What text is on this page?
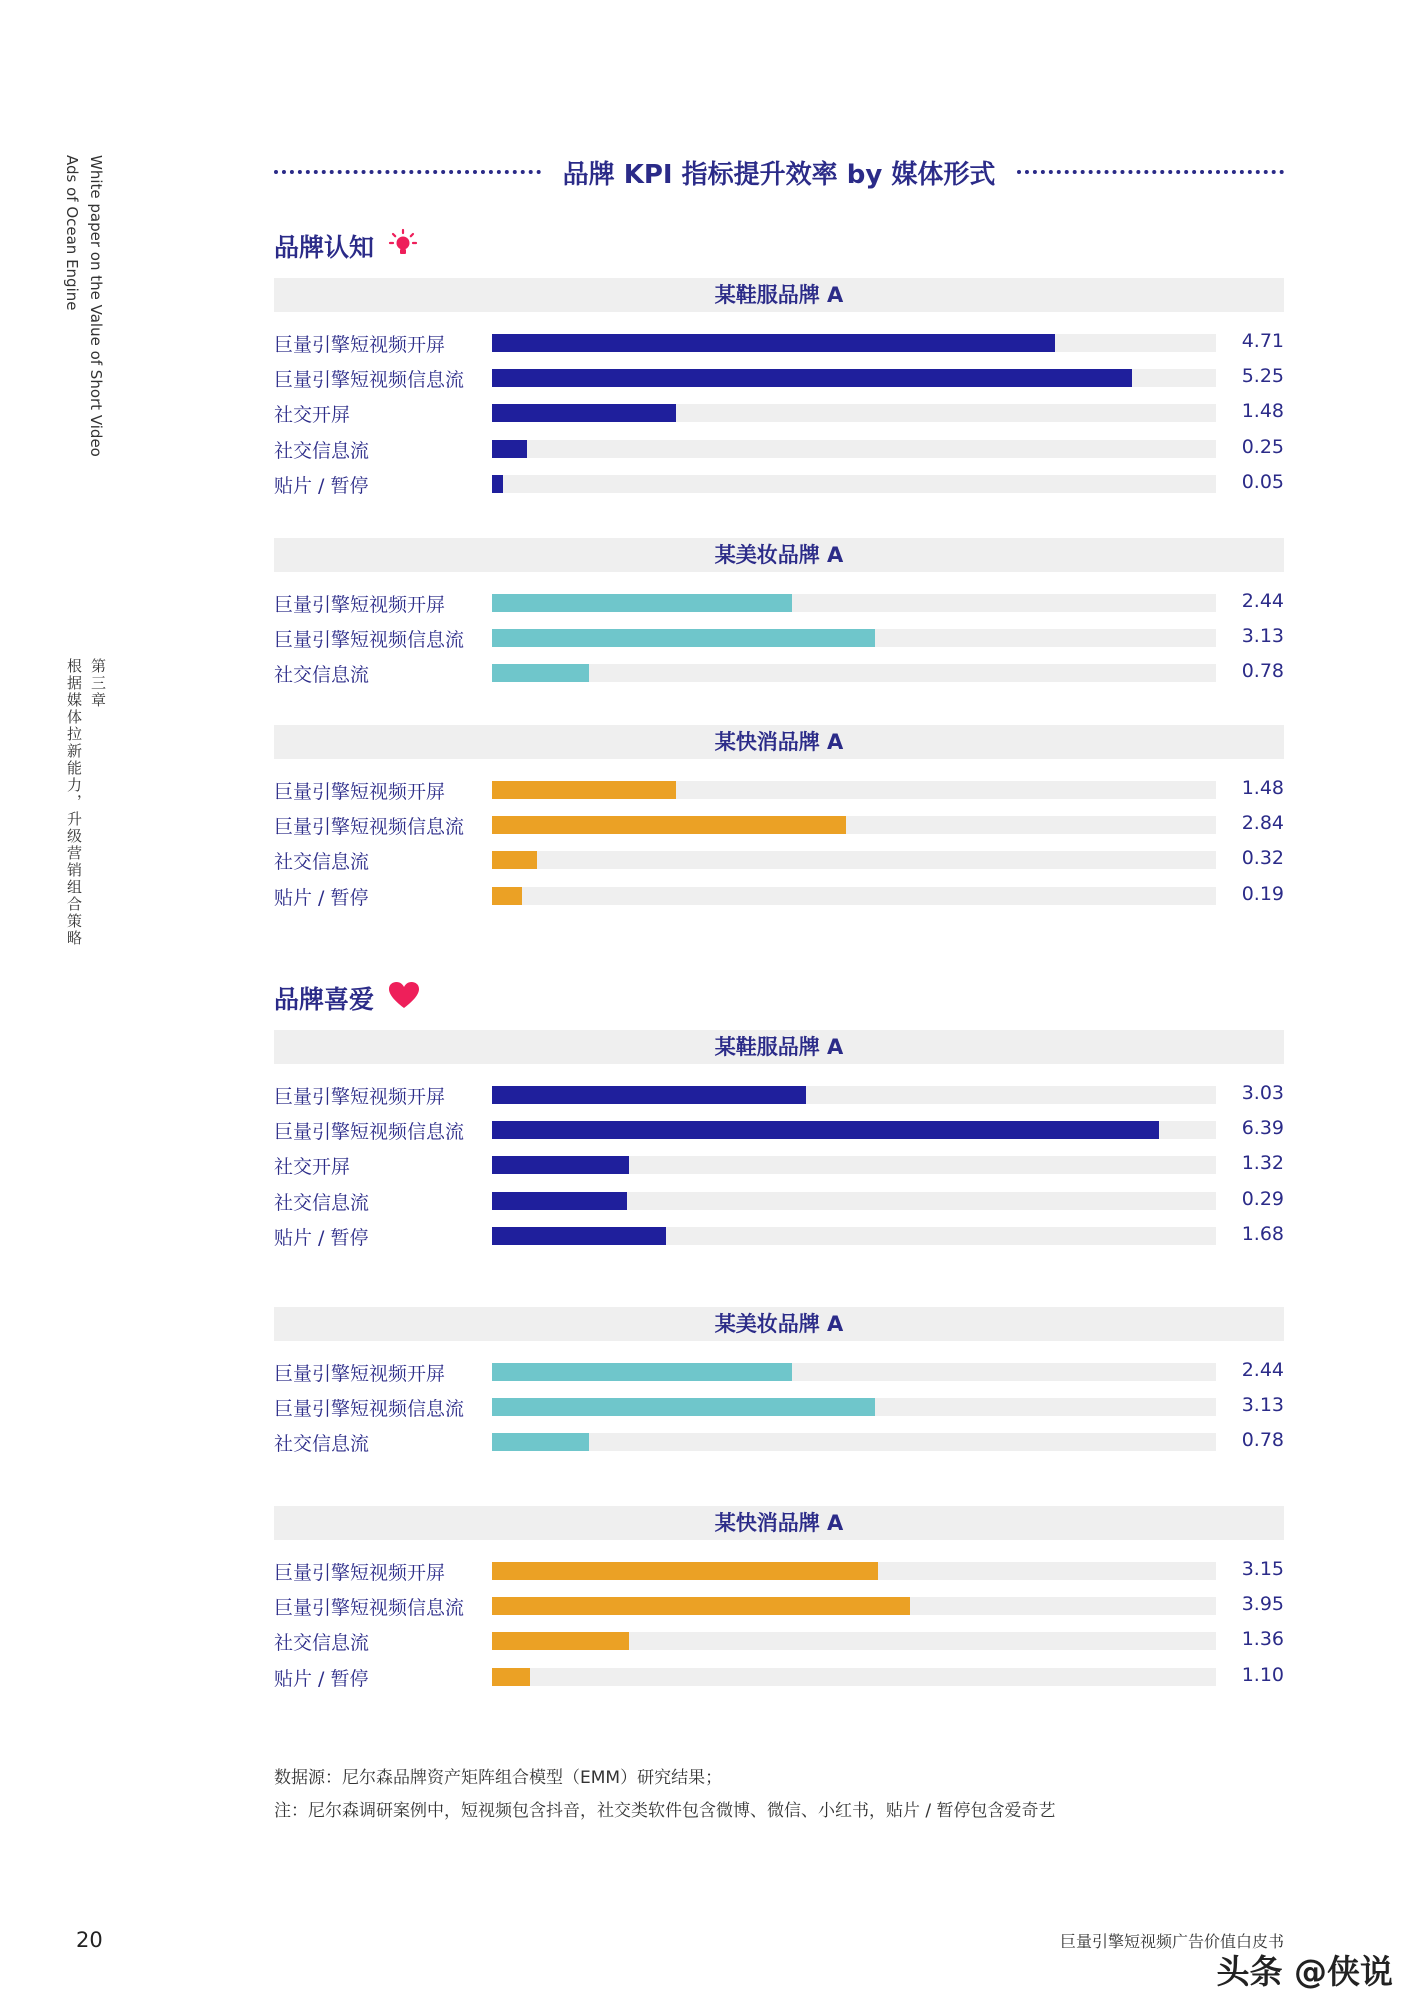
White paper on the Value of Short Video
Ads of Ocean Engine
第三章
根据媒体拉新能力，升级营销组合策略
品牌 KPI 指标提升效率 by 媒体形式
品牌认知
某鞋服品牌 A
巨量引擎短视频开屏	4.71
巨量引擎短视频信息流	5.25
社交开屏	1.48
社交信息流	0.25
贴片 / 暂停	0.05
某美妆品牌 A
巨量引擎短视频开屏	2.44
巨量引擎短视频信息流	3.13
社交信息流	0.78
某快消品牌 A
巨量引擎短视频开屏	1.48
巨量引擎短视频信息流	2.84
社交信息流	0.32
贴片 / 暂停	0.19
品牌喜爱
某鞋服品牌 A
巨量引擎短视频开屏	3.03
巨量引擎短视频信息流	6.39
社交开屏	1.32
社交信息流	0.29
贴片 / 暂停	1.68
某美妆品牌 A
巨量引擎短视频开屏	2.44
巨量引擎短视频信息流	3.13
社交信息流	0.78
某快消品牌 A
巨量引擎短视频开屏	3.15
巨量引擎短视频信息流	3.95
社交信息流	1.36
贴片 / 暂停	1.10
数据源：尼尔森品牌资产矩阵组合模型（EMM）研究结果；
注：尼尔森调研案例中，短视频包含抖音，社交类软件包含微博、微信、小红书，贴片 / 暂停包含爱奇艺
20	巨量引擎短视频广告价值白皮书
头条 @侠说
